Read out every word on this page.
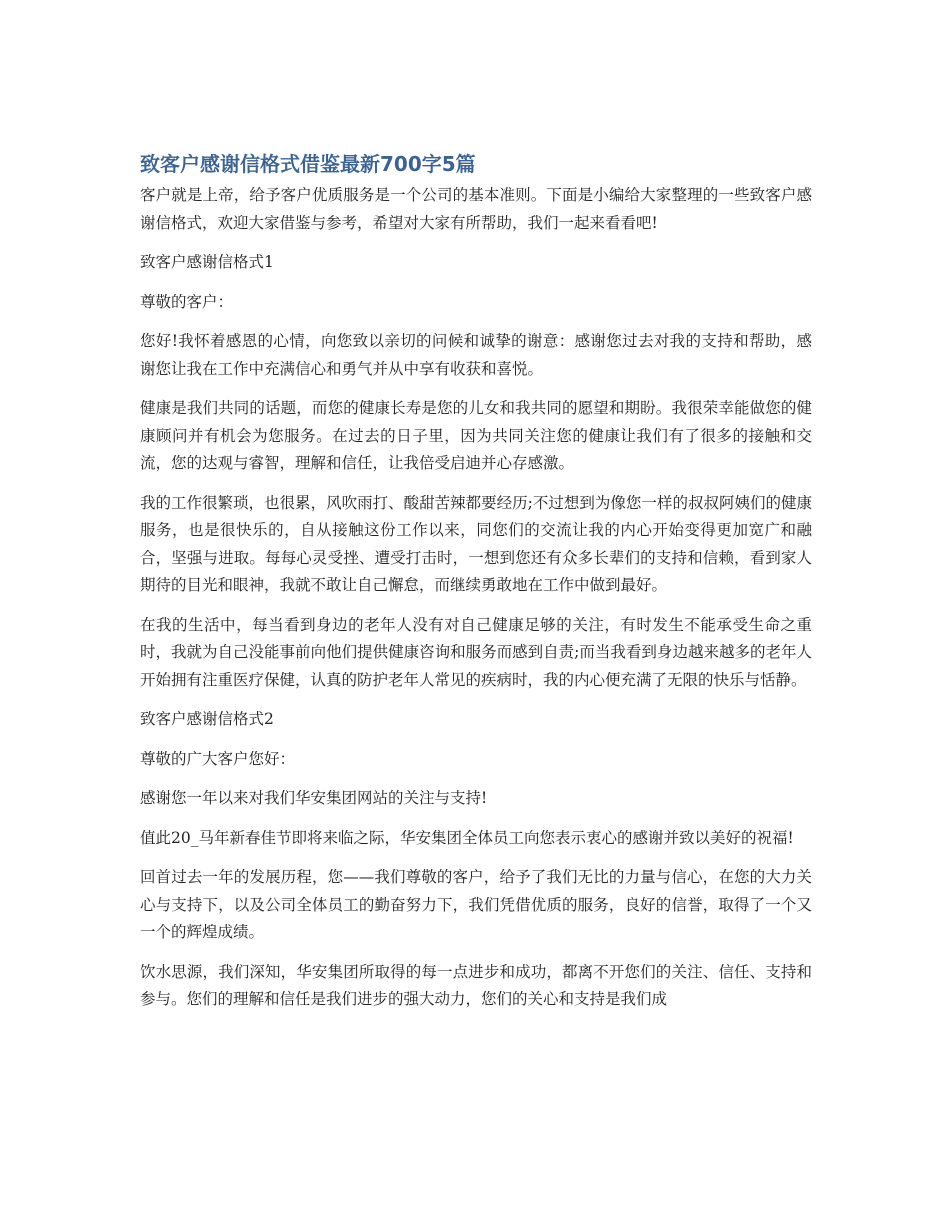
致客户感谢信格式借鉴最新700字5篇

客户就是上帝，给予客户优质服务是一个公司的基本准则。下面是小编给大家整理的一些致客户感谢信格式，欢迎大家借鉴与参考，希望对大家有所帮助，我们一起来看看吧!

致客户感谢信格式1

尊敬的客户：

您好!我怀着感恩的心情，向您致以亲切的问候和诚挚的谢意：感谢您过去对我的支持和帮助，感谢您让我在工作中充满信心和勇气并从中享有收获和喜悦。

健康是我们共同的话题，而您的健康长寿是您的儿女和我共同的愿望和期盼。我很荣幸能做您的健康顾问并有机会为您服务。在过去的日子里，因为共同关注您的健康让我们有了很多的接触和交流，您的达观与睿智，理解和信任，让我倍受启迪并心存感激。

我的工作很繁琐，也很累，风吹雨打、酸甜苦辣都要经历;不过想到为像您一样的叔叔阿姨们的健康服务，也是很快乐的，自从接触这份工作以来，同您们的交流让我的内心开始变得更加宽广和融合，坚强与进取。每每心灵受挫、遭受打击时，一想到您还有众多长辈们的支持和信赖，看到家人期待的目光和眼神，我就不敢让自己懈怠，而继续勇敢地在工作中做到最好。

在我的生活中，每当看到身边的老年人没有对自己健康足够的关注，有时发生不能承受生命之重时，我就为自己没能事前向他们提供健康咨询和服务而感到自责;而当我看到身边越来越多的老年人开始拥有注重医疗保健，认真的防护老年人常见的疾病时，我的内心便充满了无限的快乐与恬静。

致客户感谢信格式2

尊敬的广大客户您好：

感谢您一年以来对我们华安集团网站的关注与支持!

值此20_马年新春佳节即将来临之际，华安集团全体员工向您表示衷心的感谢并致以美好的祝福!

回首过去一年的发展历程，您——我们尊敬的客户，给予了我们无比的力量与信心，在您的大力关心与支持下，以及公司全体员工的勤奋努力下，我们凭借优质的服务，良好的信誉，取得了一个又一个的辉煌成绩。

饮水思源，我们深知，华安集团所取得的每一点进步和成功，都离不开您们的关注、信任、支持和参与。您们的理解和信任是我们进步的强大动力，您们的关心和支持是我们成
